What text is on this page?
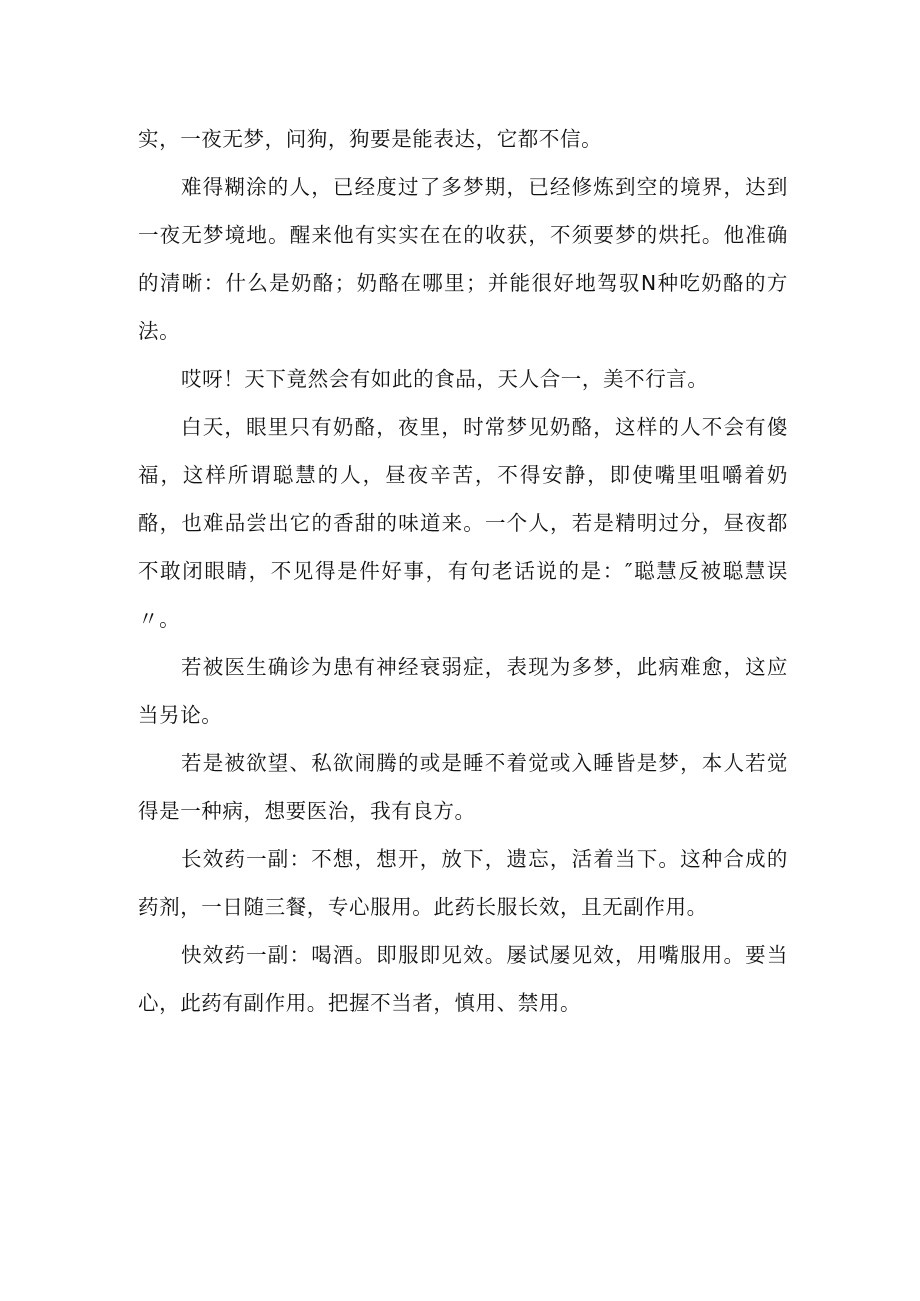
实，一夜无梦，问狗，狗要是能表达，它都不信。

难得糊涂的人，已经度过了多梦期，已经修炼到空的境界，达到一夜无梦境地。醒来他有实实在在的收获，不须要梦的烘托。他准确的清晰：什么是奶酪；奶酪在哪里；并能很好地驾驭N种吃奶酪的方法。

哎呀！天下竟然会有如此的食品，天人合一，美不行言。

白天，眼里只有奶酪，夜里，时常梦见奶酪，这样的人不会有傻福，这样所谓聪慧的人，昼夜辛苦，不得安静，即使嘴里咀嚼着奶酪，也难品尝出它的香甜的味道来。一个人，若是精明过分，昼夜都不敢闭眼睛，不见得是件好事，有句老话说的是：″聪慧反被聪慧误〃。

若被医生确诊为患有神经衰弱症，表现为多梦，此病难愈，这应当另论。

若是被欲望、私欲闹腾的或是睡不着觉或入睡皆是梦，本人若觉得是一种病，想要医治，我有良方。

长效药一副：不想，想开，放下，遗忘，活着当下。这种合成的药剂，一日随三餐，专心服用。此药长服长效，且无副作用。

快效药一副：喝酒。即服即见效。屡试屡见效，用嘴服用。要当心，此药有副作用。把握不当者，慎用、禁用。
